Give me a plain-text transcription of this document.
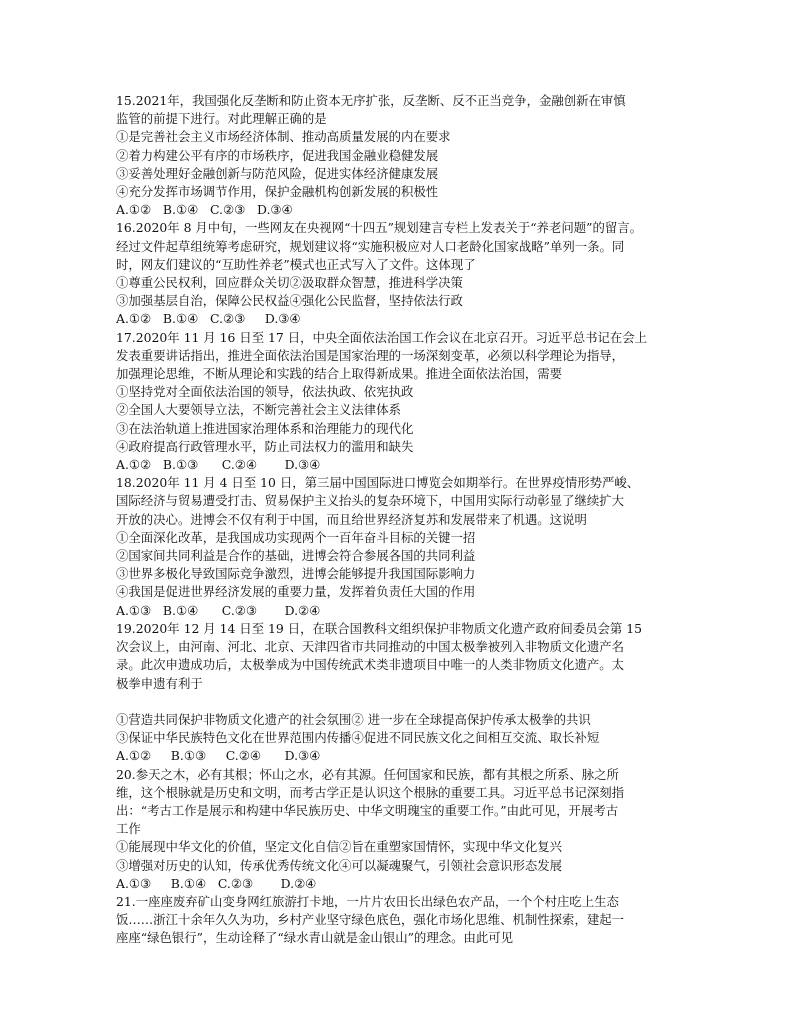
15.2021年，我国强化反垄断和防止资本无序扩张，反垄断、反不正当竞争，金融创新在审慎
监管的前提下进行。对此理解正确的是
①是完善社会主义市场经济体制、推动高质量发展的内在要求
②着力构建公平有序的市场秩序，促进我国金融业稳健发展
③妥善处理好金融创新与防范风险，促进实体经济健康发展
④充分发挥市场调节作用，保护金融机构创新发展的积极性
A.①②   B.①④   C.②③   D.③④
16.2020年 8 月中旬，一些网友在央视网“十四五”规划建言专栏上发表关于“养老问题”的留言。
经过文件起草组统筹考虑研究，规划建议将“实施积极应对人口老龄化国家战略”单列一条。同
时，网友们建议的“互助性养老”模式也正式写入了文件。这体现了
①尊重公民权利，回应群众关切②汲取群众智慧，推进科学决策
③加强基层自治，保障公民权益④强化公民监督，坚持依法行政
A.①②   B.①④   C.②③     D.③④
17.2020年 11 月 16 日至 17 日，中央全面依法治国工作会议在北京召开。习近平总书记在会上
发表重要讲话指出，推进全面依法治国是国家治理的一场深刻变革，必须以科学理论为指导，
加强理论思维，不断从理论和实践的结合上取得新成果。推进全面依法治国，需要
①坚持党对全面依法治国的领导，依法执政、依宪执政
②全国人大要领导立法，不断完善社会主义法律体系
③在法治轨道上推进国家治理体系和治理能力的现代化
④政府提高行政管理水平，防止司法权力的滥用和缺失
A.①②   B.①③      C.②④       D.③④
18.2020年 11 月 4 日至 10 日，第三届中国国际进口博览会如期举行。在世界疫情形势严峻、
国际经济与贸易遭受打击、贸易保护主义抬头的复杂环境下，中国用实际行动彰显了继续扩大
开放的决心。进博会不仅有利于中国，而且给世界经济复苏和发展带来了机遇。这说明
①全面深化改革，是我国成功实现两个一百年奋斗目标的关键一招
②国家间共同利益是合作的基础，进博会符合参展各国的共同利益
③世界多极化导致国际竞争激烈，进博会能够提升我国国际影响力
④我国是促进世界经济发展的重要力量，发挥着负责任大国的作用
A.①③   B.①④      C.②③       D.②④
19.2020年 12 月 14 日至 19 日，在联合国教科文组织保护非物质文化遗产政府间委员会第 15
次会议上，由河南、河北、北京、天津四省市共同推动的中国太极拳被列入非物质文化遗产名
录。此次申遗成功后，太极拳成为中国传统武术类非遗项目中唯一的人类非物质文化遗产。太
极拳申遗有利于
①营造共同保护非物质文化遗产的社会氛围② 进一步在全球提高保护传承太极拳的共识
③保证中华民族特色文化在世界范围内传播④促进不同民族文化之间相互交流、取长补短
A.①②     B.①③     C.②④      D.③④
20.参天之木，必有其根；怀山之水，必有其源。任何国家和民族，都有其根之所系、脉之所
维，这个根脉就是历史和文明，而考古学正是认识这个根脉的重要工具。习近平总书记深刻指
出：“考古工作是展示和构建中华民族历史、中华文明瑰宝的重要工作。”由此可见，开展考古
工作
①能展现中华文化的价值，坚定文化自信②旨在重塑家国情怀，实现中华文化复兴
③增强对历史的认知，传承优秀传统文化④可以凝魂聚气，引领社会意识形态发展
A.①③     B.①④   C.②③       D.②④
21.一座座废弃矿山变身网红旅游打卡地，一片片农田长出绿色农产品，一个个村庄吃上生态
饭……浙江十余年久久为功，乡村产业坚守绿色底色，强化市场化思维、机制性探索，建起一
座座“绿色银行”，生动诠释了“绿水青山就是金山银山”的理念。由此可见
